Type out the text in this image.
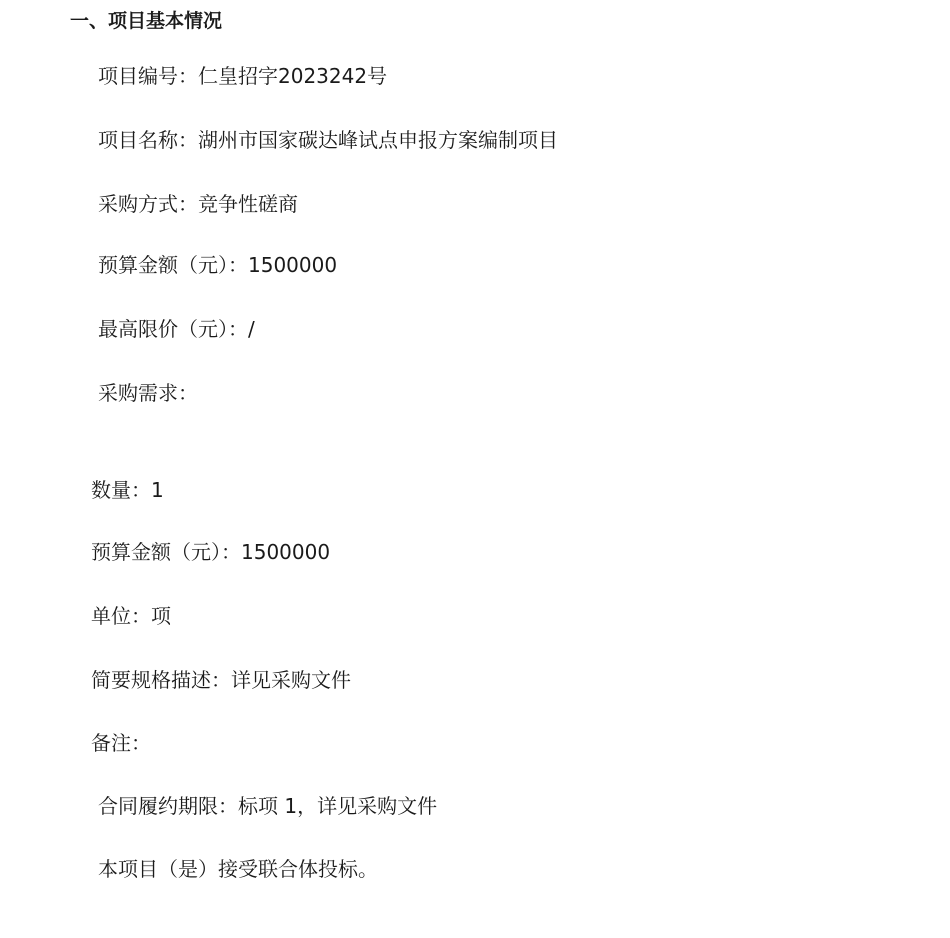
一、项目基本情况
项目编号：仁皇招字2023242号
项目名称：湖州市国家碳达峰试点申报方案编制项目
采购方式：竞争性磋商
预算金额（元）：1500000
最高限价（元）：/
采购需求：
数量：1
预算金额（元）：1500000
单位：项
简要规格描述：详见采购文件
备注：
合同履约期限：标项 1，详见采购文件
本项目（是）接受联合体投标。
